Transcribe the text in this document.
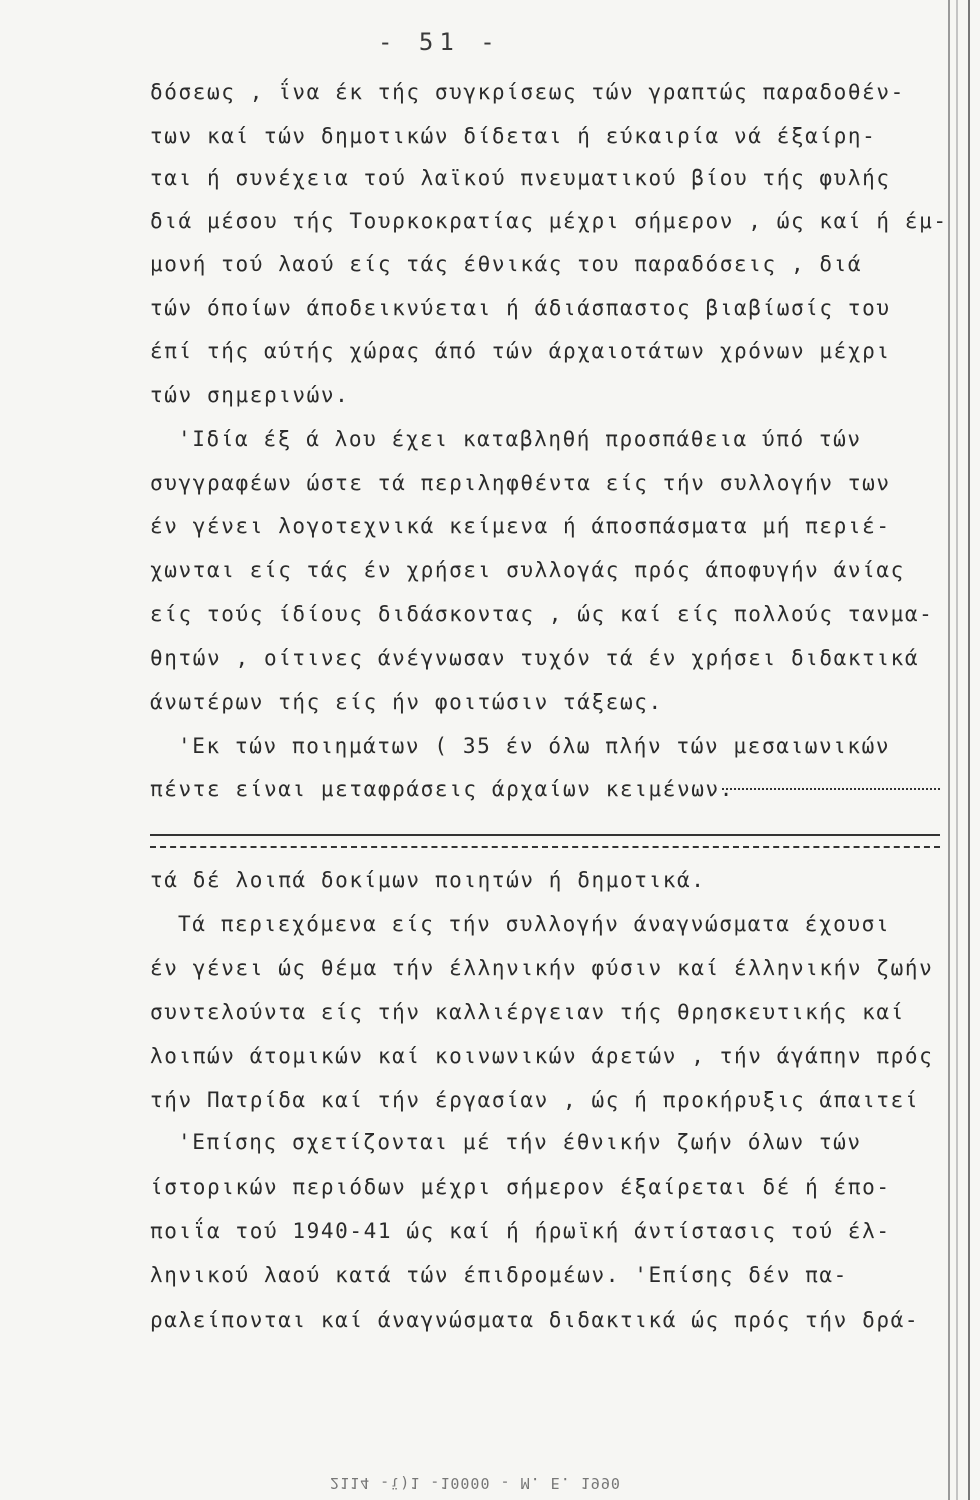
- 51 -
δόσεως , ΐνα έκ τής συγκρίσεως τών γραπτώς παραδοθέν-
των καί τών δημοτικών δίδεται ή εύκαιρία νά έξαίρη-
ται ή συνέχεια τού λαϊκού πνευματικού βίου τής φυλής
διά μέσου τής Τουρκοκρατίας μέχρι σήμερον , ώς καί ή έμ-
μονή τού λαού είς τάς έθνικάς του παραδόσεις , διά
τών όποίων άποδεικνύεται ή άδιάσπαστος βιαβίωσίς του
έπί τής αύτής χώρας άπό τών άρχαιοτάτων χρόνων μέχρι
τών σημερινών.
'Ιδία έξ ά λου έχει καταβληθή προσπάθεια ύπό τών
συγγραφέων ώστε τά περιληφθέντα είς τήν συλλογήν των
έν γένει λογοτεχνικά κείμενα ή άποσπάσματα μή περιέ-
χωνται είς τάς έν χρήσει συλλογάς πρός άποφυγήν άνίας
είς τούς ίδίους διδάσκοντας , ώς καί είς πολλούς τανμα-
θητών , οίτινες άνέγνωσαν τυχόν τά έν χρήσει διδακτικά
άνωτέρων τής είς ήν φοιτώσιν τάξεως.
'Εκ τών ποιημάτων ( 35 έν όλω πλήν τών μεσαιωνικών
πέντε είναι μεταφράσεις άρχαίων κειμένων.
τά δέ λοιπά δοκίμων ποιητών ή δημοτικά.
Τά περιεχόμενα είς τήν συλλογήν άναγνώσματα έχουσι
έν γένει ώς θέμα τήν έλληνικήν φύσιν καί έλληνικήν ζωήν
συντελούντα είς τήν καλλιέργειαν τής θρησκευτικής καί
λοιπών άτομικών καί κοινωνικών άρετών , τήν άγάπην πρός
τήν Πατρίδα καί τήν έργασίαν , ώς ή προκήρυξις άπαιτεί
'Επίσης σχετίζονται μέ τήν έθνικήν ζωήν όλων τών
ίστορικών περιόδων μέχρι σήμερον έξαίρεται δέ ή έπο-
ποιΐα τού 1940-41 ώς καί ή ήρωϊκή άντίστασις τού έλ-
ληνικού λαού κατά τών έπιδρομέων. 'Επίσης δέν πα-
ραλείπονται καί άναγνώσματα διδακτικά ώς πρός τήν δρά-
2114 -ϊ)1 -10000 - Μ. Ε. 1990
